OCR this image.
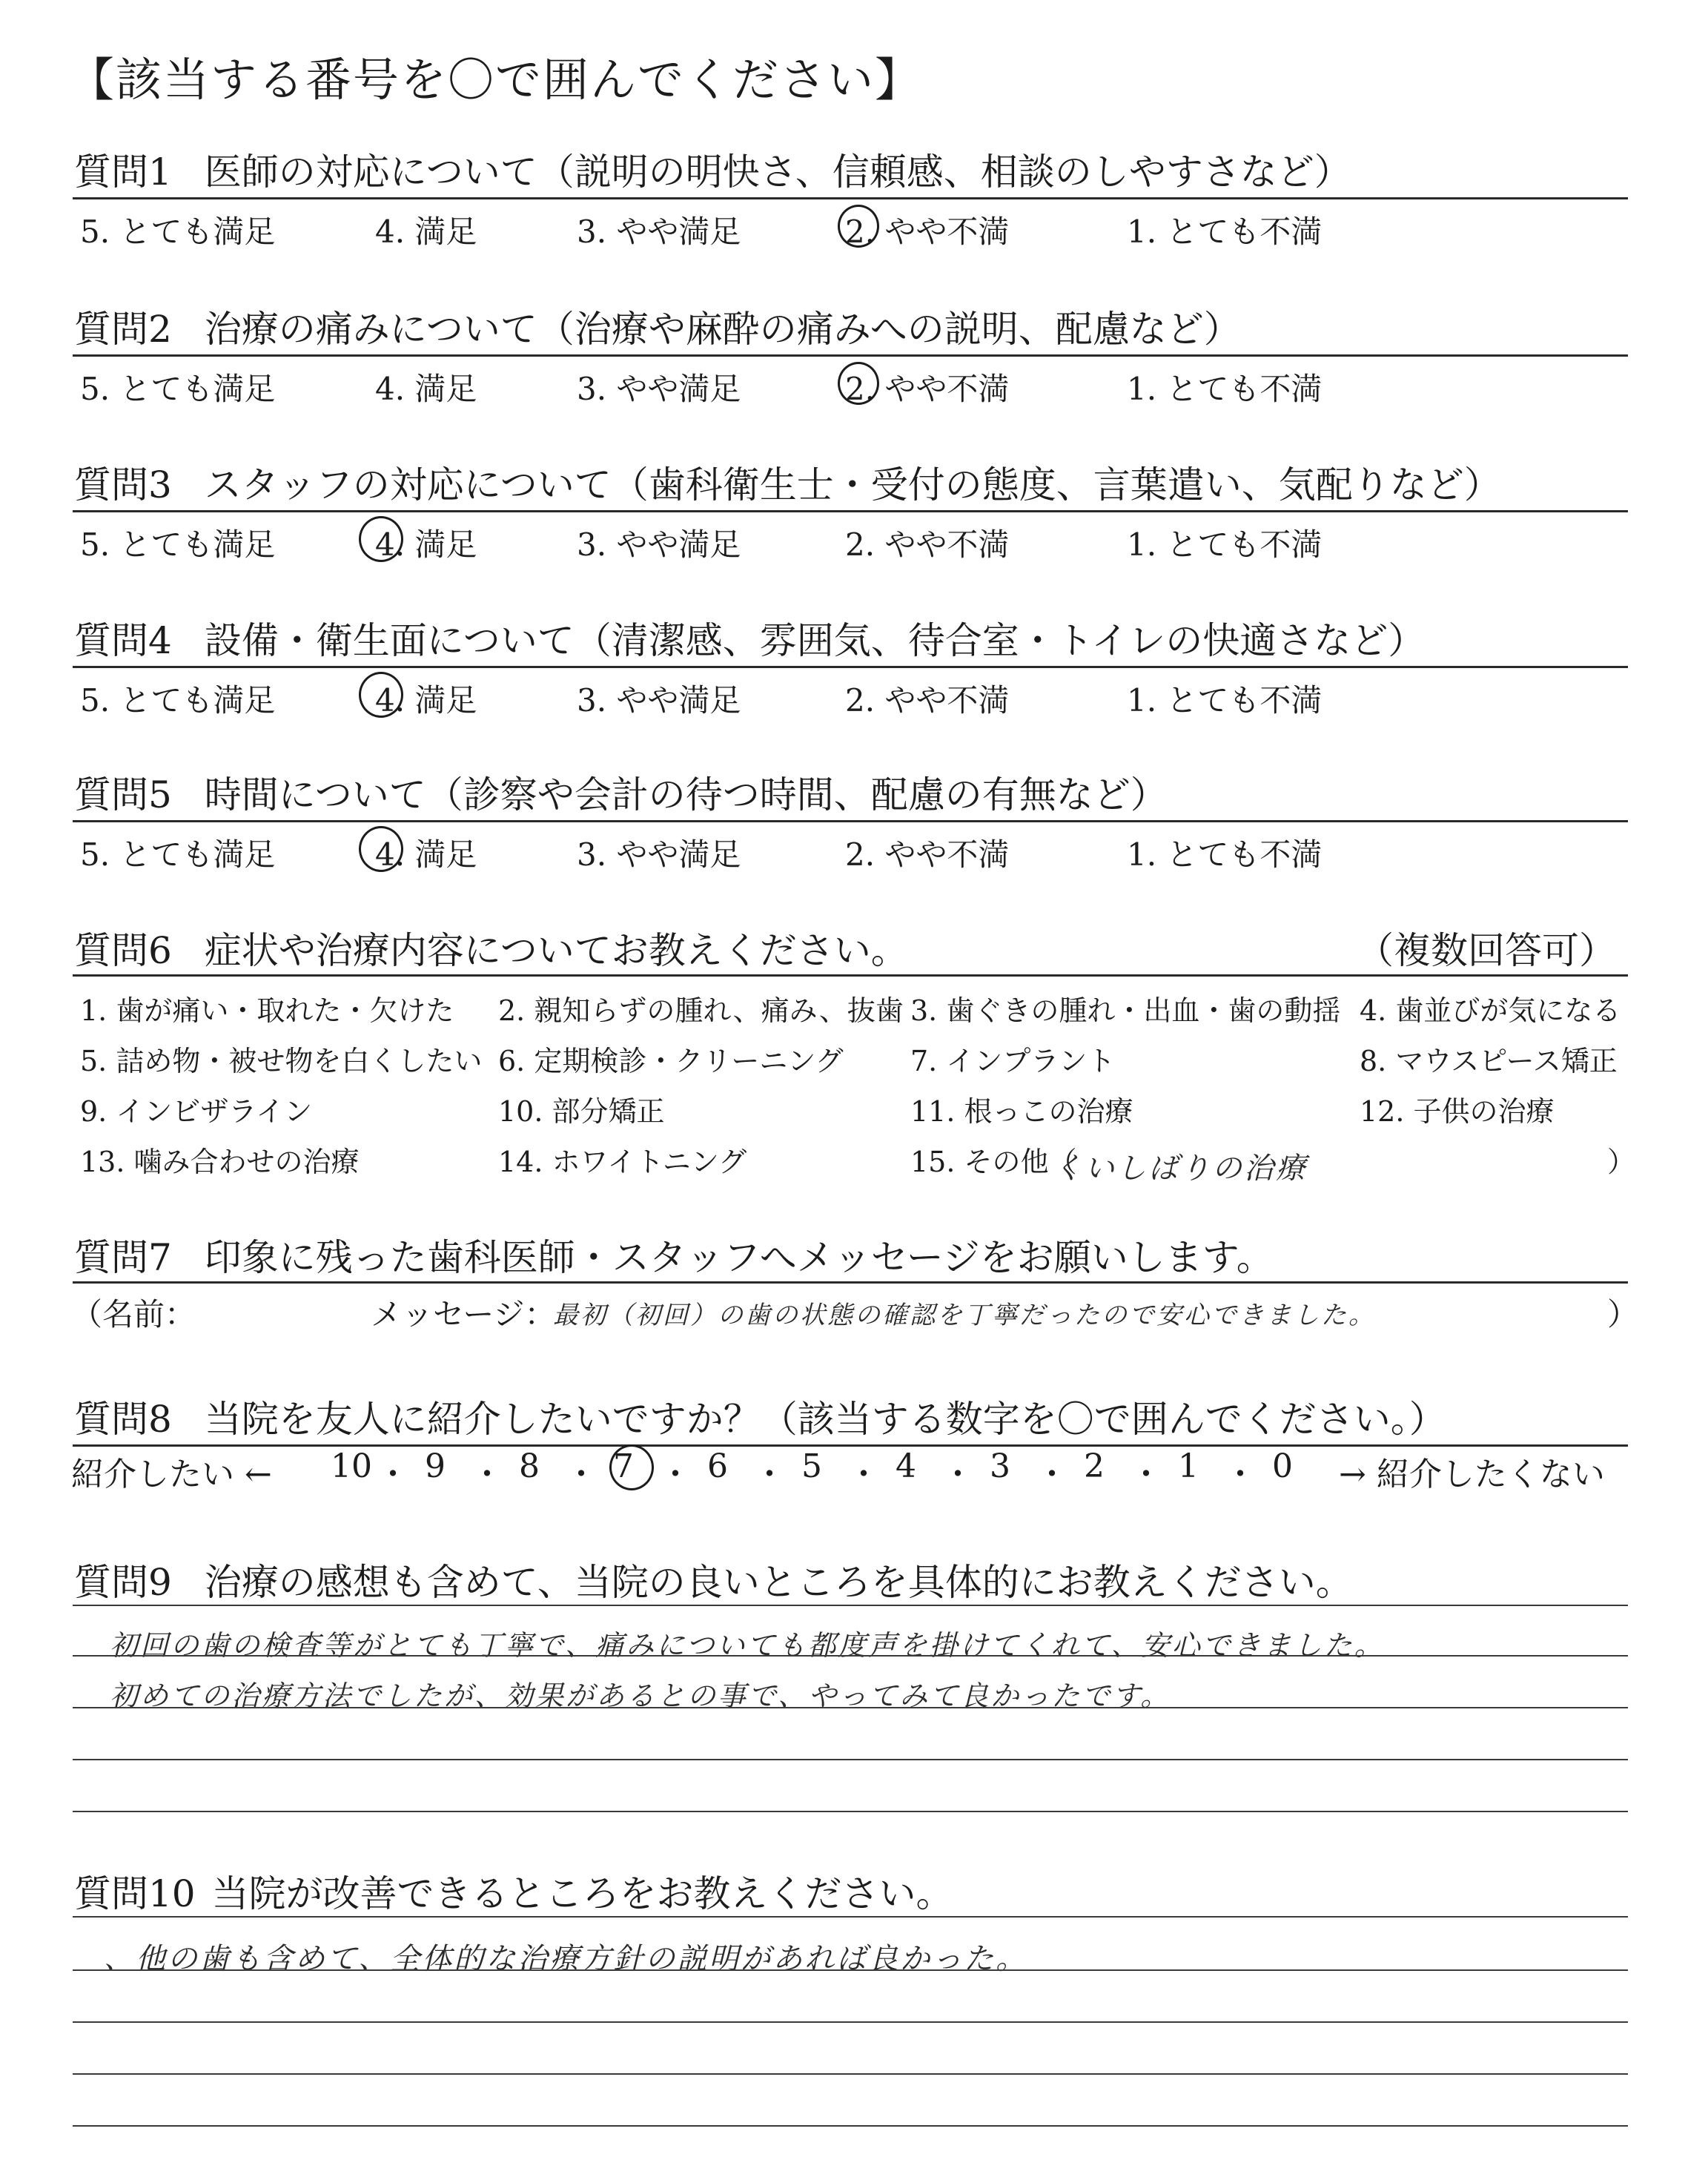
【該当する番号を〇で囲んでください】
質問1 医師の対応について（説明の明快さ、信頼感、相談のしやすさなど）
5. とても満足	4. 満足	3. やや満足	2. やや不満	1. とても不満
質問2 治療の痛みについて（治療や麻酔の痛みへの説明、配慮など）
5. とても満足	4. 満足	3. やや満足	2. やや不満	1. とても不満
質問3 スタッフの対応について（歯科衛生士・受付の態度、言葉遣い、気配りなど）
5. とても満足	4. 満足	3. やや満足	2. やや不満	1. とても不満
質問4 設備・衛生面について（清潔感、雰囲気、待合室・トイレの快適さなど）
5. とても満足	4. 満足	3. やや満足	2. やや不満	1. とても不満
質問5 時間について（診察や会計の待つ時間、配慮の有無など）
5. とても満足	4. 満足	3. やや満足	2. やや不満	1. とても不満
質問6 症状や治療内容についてお教えください。	（複数回答可）
1. 歯が痛い・取れた・欠けた 2. 親知らずの腫れ、痛み、抜歯 3. 歯ぐきの腫れ・出血・歯の動揺 4. 歯並びが気になる
5. 詰め物・被せ物を白くしたい 6. 定期検診・クリーニング 7. インプラント	8. マウスピース矯正
9. インビザライン	10. 部分矯正	11. 根っこの治療	12. 子供の治療
13. 噛み合わせの治療	14. ホワイトニング	15. その他（
くいしばりの治療	）
質問7 印象に残った歯科医師・スタッフへメッセージをお願いします。
（名前：	メッセージ：
最初（初回）の歯の状態の確認を丁寧だったので安心できました。	）
質問8 当院を友人に紹介したいですか？（該当する数字を〇で囲んでください。）
紹介したい ←	→ 紹介したくない
10 ・ 9 ・ 8 ・ 7 ・ 6 ・ 5 ・ 4 ・ 3 ・ 2 ・ 1 ・ 0
質問9 治療の感想も含めて、当院の良いところを具体的にお教えください。
初回の歯の検査等がとても丁寧で、痛みについても都度声を掛けてくれて、安心できました。
初めての治療方法でしたが、効果があるとの事で、やってみて良かったです。
質問10 当院が改善できるところをお教えください。
、他の歯も含めて、全体的な治療方針の説明があれば良かった。
